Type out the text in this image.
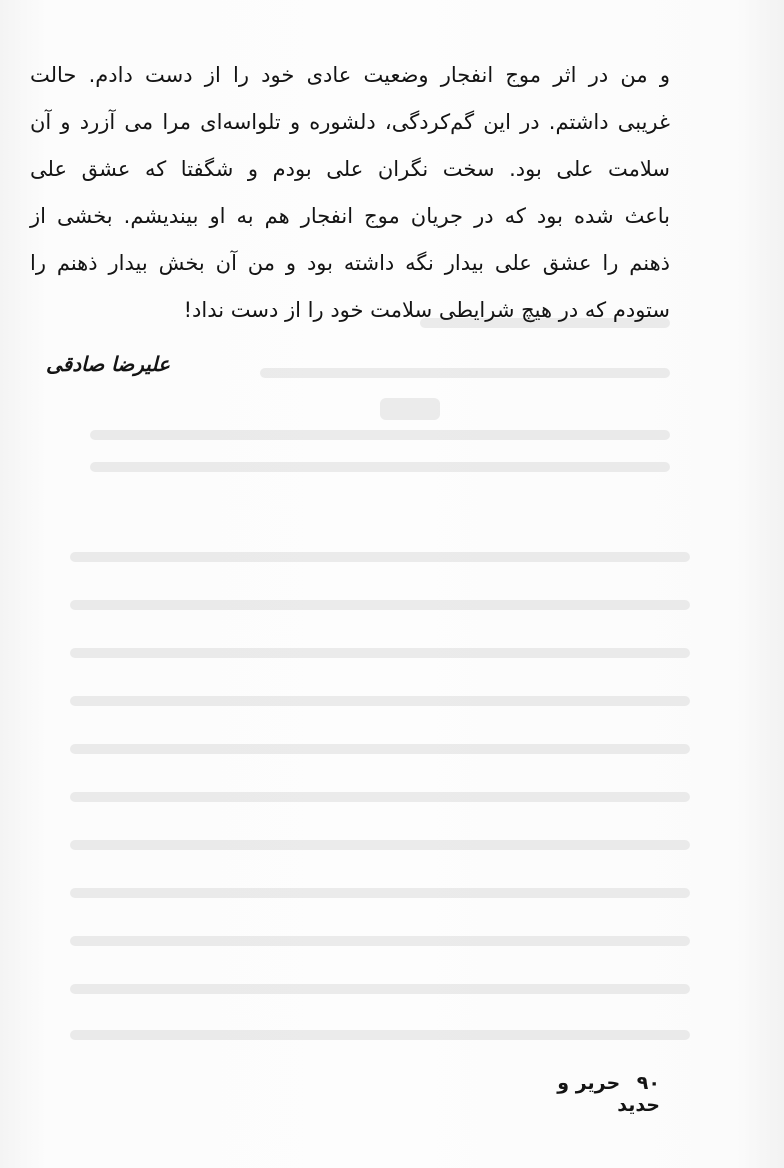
و من در اثر موج انفجار وضعیت عادی خود را از دست دادم. حالت
غریبی داشتم. در این گم‌کردگی، دلشوره و تلواسه‌ای مرا می آزرد و آن
سلامت علی بود. سخت نگران علی بودم و شگفتا که عشق علی
باعث شده بود که در جریان موج انفجار هم به او بیندیشم. بخشی از
ذهنم را عشق علی بیدار نگه داشته بود و من آن بخش بیدار ذهنم را
ستودم که در هیچ شرایطی سلامت خود را از دست نداد!
علیرضا صادقی
۹۰ حریر و حدید
